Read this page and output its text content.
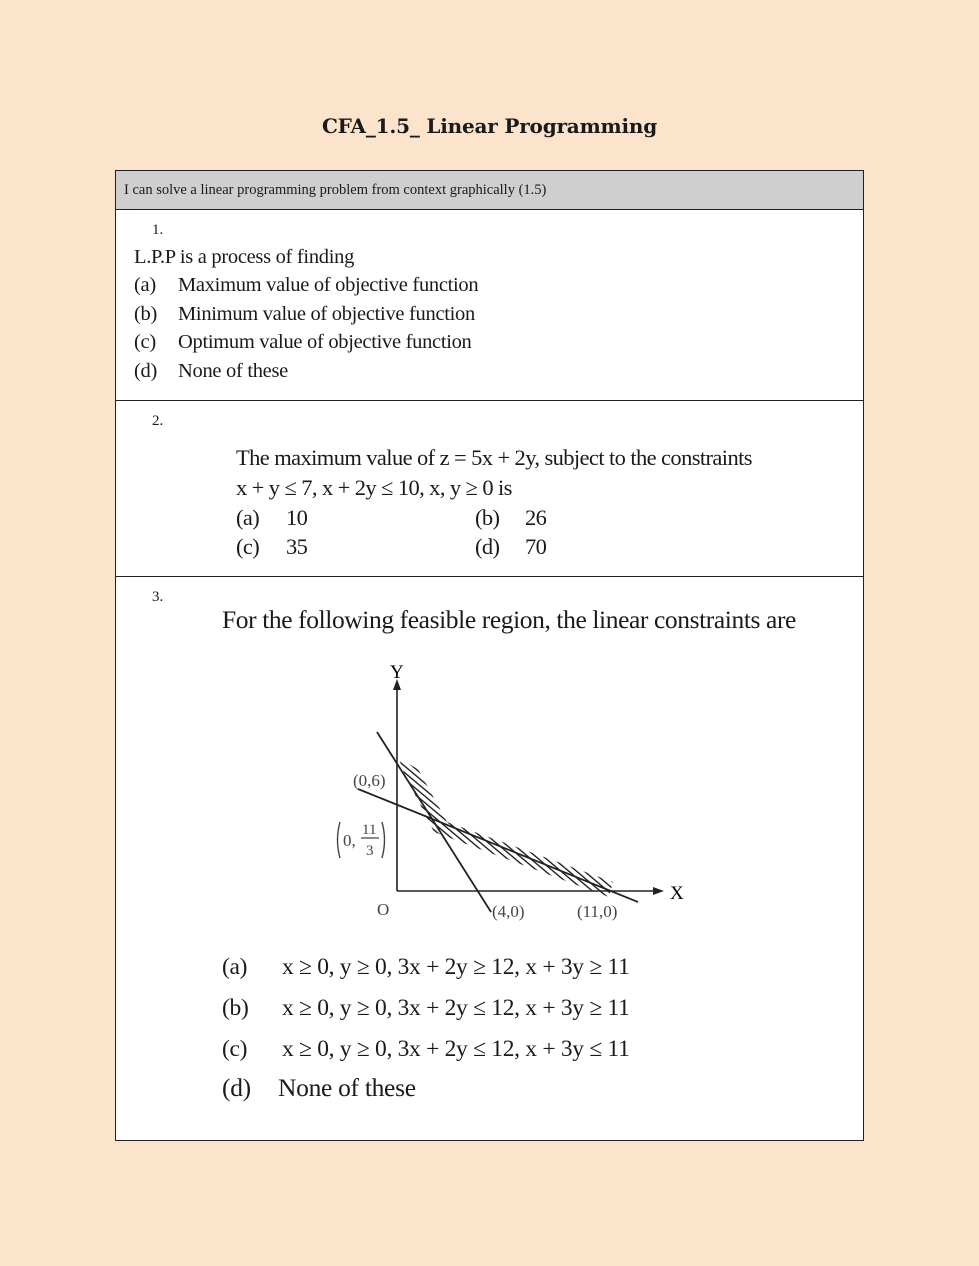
CFA_1.5_ Linear Programming
I can solve a linear programming problem from context graphically (1.5)
1.
L.P.P is a process of finding
(a) Maximum value of objective function
(b) Minimum value of objective function
(c) Optimum value of objective function
(d) None of these
2.
The maximum value of z = 5x + 2y, subject to the constraints
x + y ≤ 7, x + 2y ≤ 10, x, y ≥ 0 is
(a) 10	(b) 26
(c) 35	(d) 70
3.
For the following feasible region, the linear constraints are
Y
X
O
(0,6)
(4,0)	(11,0)
0,
11
3
(a) x ≥ 0, y ≥ 0, 3x + 2y ≥ 12, x + 3y ≥ 11
(b) x ≥ 0, y ≥ 0, 3x + 2y ≤ 12, x + 3y ≥ 11
(c) x ≥ 0, y ≥ 0, 3x + 2y ≤ 12, x + 3y ≤ 11
(d) None of these
